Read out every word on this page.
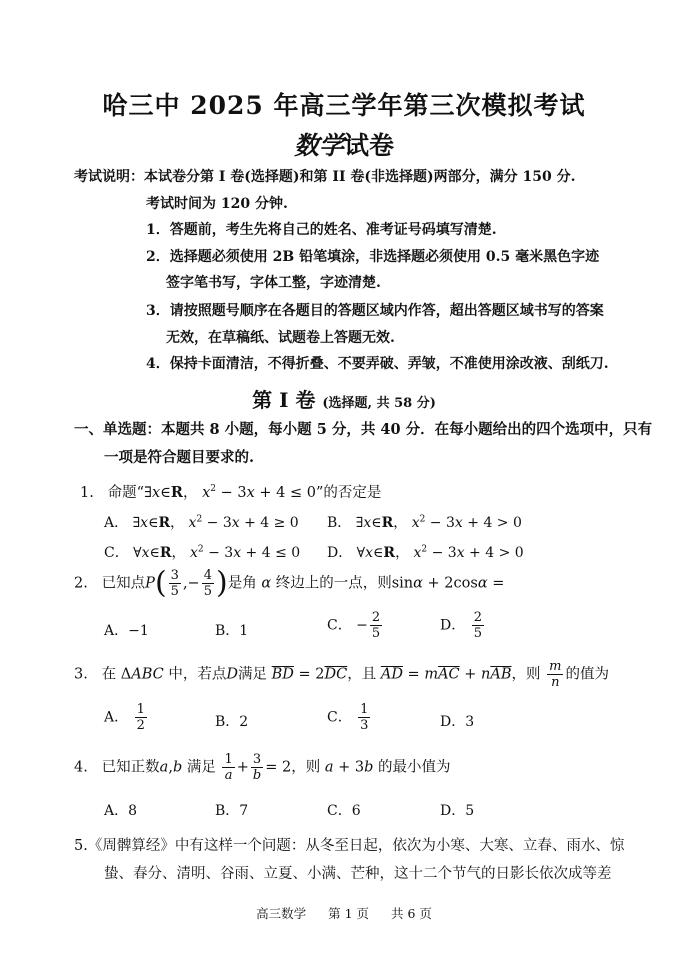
哈三中 2025 年高三学年第三次模拟考试
数学试卷
考试说明：本试卷分第 I 卷(选择题)和第 II 卷(非选择题)两部分，满分 150 分.
考试时间为 120 分钟.
1．答题前，考生先将自己的姓名、准考证号码填写清楚.
2．选择题必须使用 2B 铅笔填涂，非选择题必须使用 0.5 毫米黑色字迹
签字笔书写，字体工整，字迹清楚.
3．请按照题号顺序在各题目的答题区域内作答，超出答题区域书写的答案
无效，在草稿纸、试题卷上答题无效.
4．保持卡面清洁，不得折叠、不要弄破、弄皱，不准使用涂改液、刮纸刀.
第 I 卷 (选择题, 共 58 分)
一、单选题：本题共 8 小题，每小题 5 分，共 40 分．在每小题给出的四个选项中，只有
一项是符合题目要求的.
1. 命题“∃x∈R， $x^2 - 3x + 4 \le 0$”的否定是
A． ∃x∈R， $x^2 - 3x + 4 \ge 0$ B． ∃x∈R， $x^2 - 3x + 4 > 0$
C． ∀x∈R， $x^2 - 3x + 4 \le 0$ D． ∀x∈R， $x^2 - 3x + 4 > 0$
2. 已知点$P( \frac{3}{5}$ ,− $\frac{4}{5}$ )是角 α 终边上的一点，则sinα + 2cosα =
A．−1	B．1	C． − $\frac{2}{5}$	D． $\frac{2}{5}$
3. 在 ΔABC 中，若点D满足 $\overline{BD} = 2\overline{DC}$，且 $\overline{AD} = m\overline{AC} + n\overline{AB}$，则 $\frac{m}{n}$ 的值为
A． $\frac{1}{2}$	B．2	C． $\frac{1}{3}$	D．3
4. 已知正数a,b 满足 $\frac{1}{a} + \frac{3}{b} = 2$，则 a + 3b 的最小值为
A．8	B．7	C．6	D．5
5.《周髀算经》中有这样一个问题：从冬至日起，依次为小寒、大寒、立春、雨水、惊
蛰、春分、清明、谷雨、立夏、小满、芒种，这十二个节气的日影长依次成等差
高三数学 第 1 页 共 6 页
